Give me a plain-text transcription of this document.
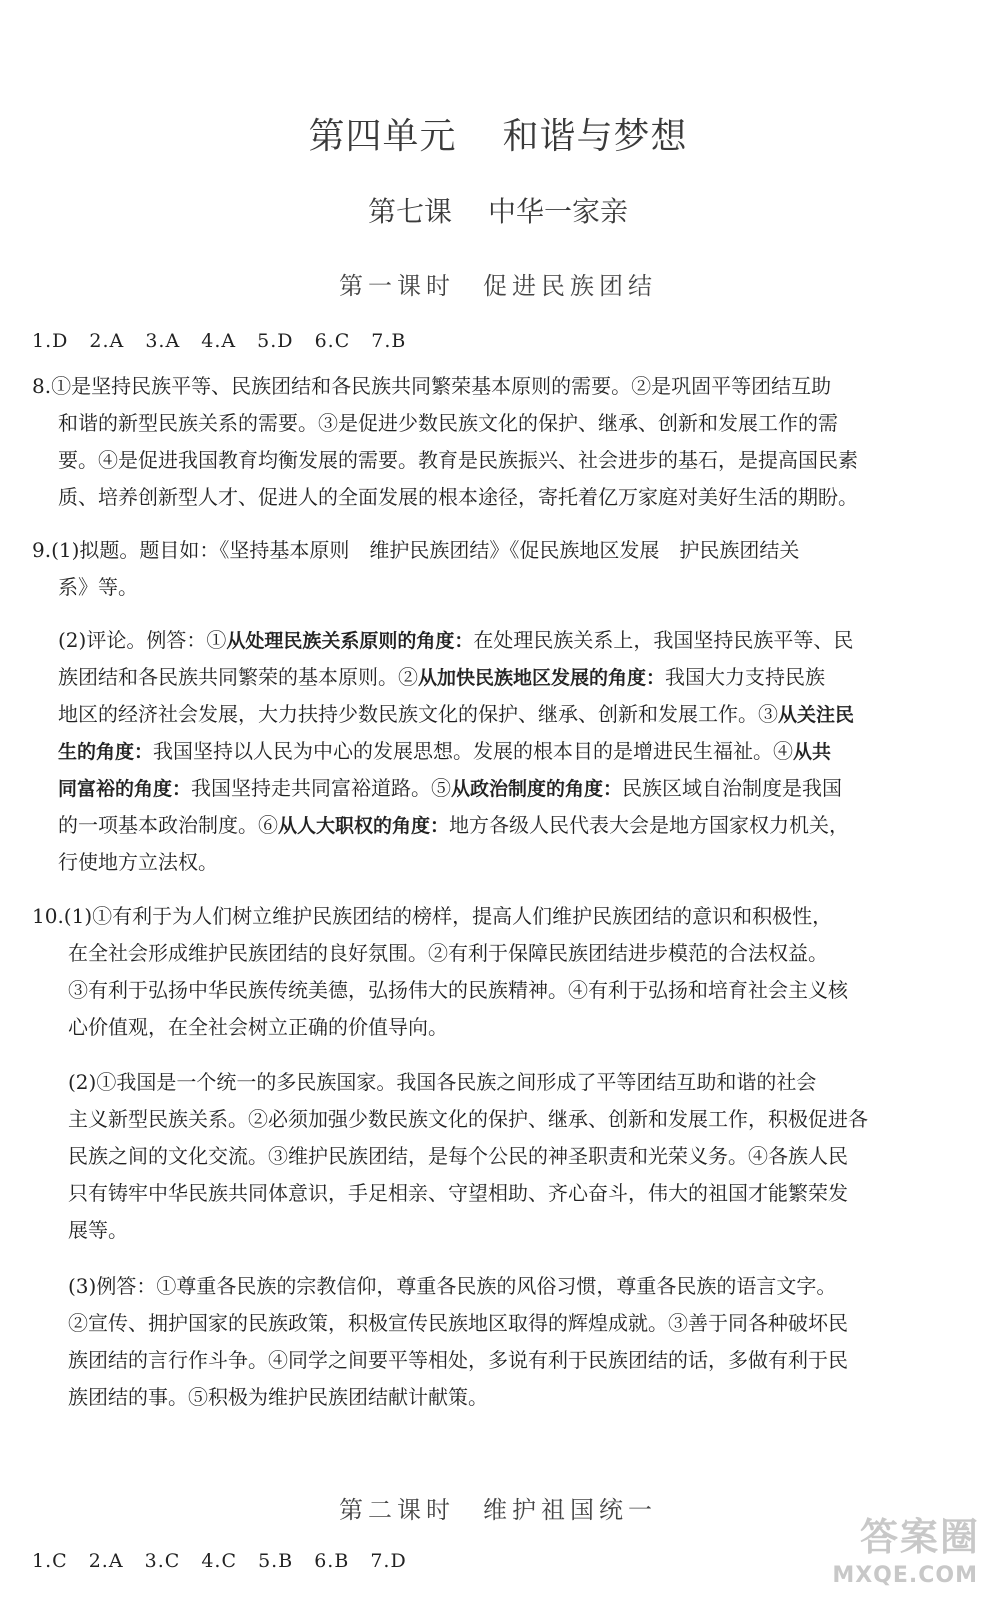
第四单元 和谐与梦想
第七课 中华一家亲
第一课时 促进民族团结
1.D 2.A 3.A 4.A 5.D 6.C 7.B
8.①是坚持民族平等、民族团结和各民族共同繁荣基本原则的需要。②是巩固平等团结互助
和谐的新型民族关系的需要。③是促进少数民族文化的保护、继承、创新和发展工作的需
要。④是促进我国教育均衡发展的需要。教育是民族振兴、社会进步的基石，是提高国民素
质、培养创新型人才、促进人的全面发展的根本途径，寄托着亿万家庭对美好生活的期盼。
9.(1)拟题。题目如：《坚持基本原则　维护民族团结》《促民族地区发展　护民族团结关
系》等。
(2)评论。例答：①从处理民族关系原则的角度：在处理民族关系上，我国坚持民族平等、民
族团结和各民族共同繁荣的基本原则。②从加快民族地区发展的角度：我国大力支持民族
地区的经济社会发展，大力扶持少数民族文化的保护、继承、创新和发展工作。③从关注民
生的角度：我国坚持以人民为中心的发展思想。发展的根本目的是增进民生福祉。④从共
同富裕的角度：我国坚持走共同富裕道路。⑤从政治制度的角度：民族区域自治制度是我国
的一项基本政治制度。⑥从人大职权的角度：地方各级人民代表大会是地方国家权力机关，
行使地方立法权。
10.(1)①有利于为人们树立维护民族团结的榜样，提高人们维护民族团结的意识和积极性，
在全社会形成维护民族团结的良好氛围。②有利于保障民族团结进步模范的合法权益。
③有利于弘扬中华民族传统美德，弘扬伟大的民族精神。④有利于弘扬和培育社会主义核
心价值观，在全社会树立正确的价值导向。
(2)①我国是一个统一的多民族国家。我国各民族之间形成了平等团结互助和谐的社会
主义新型民族关系。②必须加强少数民族文化的保护、继承、创新和发展工作，积极促进各
民族之间的文化交流。③维护民族团结，是每个公民的神圣职责和光荣义务。④各族人民
只有铸牢中华民族共同体意识，手足相亲、守望相助、齐心奋斗，伟大的祖国才能繁荣发
展等。
(3)例答：①尊重各民族的宗教信仰，尊重各民族的风俗习惯，尊重各民族的语言文字。
②宣传、拥护国家的民族政策，积极宣传民族地区取得的辉煌成就。③善于同各种破坏民
族团结的言行作斗争。④同学之间要平等相处，多说有利于民族团结的话，多做有利于民
族团结的事。⑤积极为维护民族团结献计献策。
第二课时 维护祖国统一
1.C 2.A 3.C 4.C 5.B 6.B 7.D
答案圈
MXQE.COM
